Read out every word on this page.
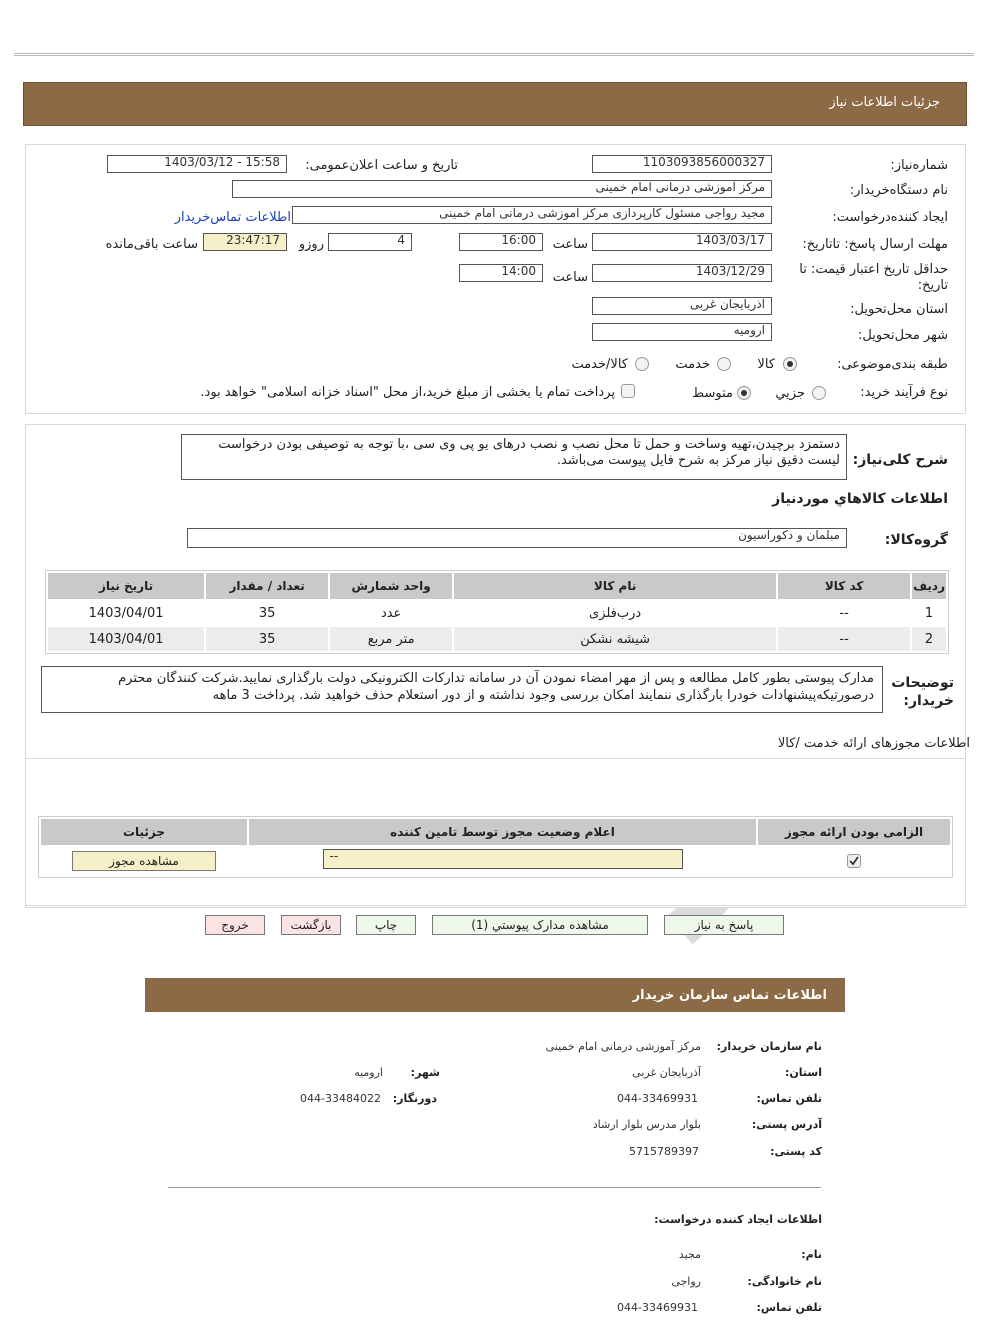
جزئیات اطلاعات نیاز
شماره‌نیاز:
1103093856000327
تاریخ و ساعت اعلان‌عمومی:
1403/03/12 - 15:58
نام دستگاه‌خریدار:
مرکز آموزشی درمانی امام خمینی
ایجاد کننده‌درخواست:
مجید رواجی مسئول کارپردازی مرکز آموزشی درمانی امام خمینی
اطلاعات تماس‌خریدار
مهلت ارسال پاسخ: تاتاریخ:
1403/03/17
ساعت
16:00
4
روزو
23:47:17
ساعت باقی‌مانده
حداقل تاریخ اعتبار قیمت: تا تاریخ:
1403/12/29
ساعت
14:00
استان محل‌تحویل:
آذربایجان غربی
شهر محل‌تحویل:
ارومیه
طبقه بندی‌موضوعی:
کالا
خدمت
کالا/خدمت
نوع فرآیند خرید:
جزیي
متوسط
پرداخت تمام یا بخشی از مبلغ خرید،از محل "اسناد خزانه اسلامی" خواهد بود.
شرح کلی‌نیاز:
دستمزد برچیدن،تهیه وساخت و حمل تا محل نصب و نصب درهای یو پی وی سی ،با توجه به توصیفی بودن درخواست لیست دقیق نیاز مرکز به شرح فایل پیوست می‌باشد.
اطلاعات کالاهاي موردنیاز
گروه‌کالا:
مبلمان و دکوراسیون
ردیف	کد کالا	نام کالا	واحد شمارش	تعداد / مقدار	تاریخ نیاز
1	--	درب‌فلزی	عدد	35	1403/04/01
2	--	شیشه نشکن	متر مربع	35	1403/04/01
توضیحات خریدار:
مدارک پیوستی بطور کامل مطالعه و پس از مهر امضاء نمودن آن در سامانه تدارکات الکترونیکی دولت بارگذاری نمایید.شرکت کنندگان محترم درصورتیکه‌پیشنهادات خودرا بارگذاری ننمایند امکان بررسی وجود نداشته و از دور استعلام حذف خواهید شد. پرداخت 3 ماهه
اطلاعات مجوزهای ارائه خدمت /کالا
الزامی بودن ارائه مجوز	اعلام وضعیت مجوز توسط تامین کننده	جزئیات

	--	مشاهده مجوز
پاسخ به نیاز
مشاهده مدارک پیوستي (1)
چاپ
بازگشت
خروج
اطلاعات تماس سازمان خریدار
نام سازمان خریدار:
مرکز آموزشی درمانی امام خمینی
استان:
آذربایجان غربی
شهر:
ارومیه
تلفن تماس:
044-33469931
دورنگار:
044-33484022
آدرس پستی:
بلوار مدرس بلوار ارشاد
کد پستی:
5715789397
اطلاعات ایجاد کننده درخواست:
نام:
مجید
نام خانوادگی:
رواجی
تلفن تماس:
044-33469931
